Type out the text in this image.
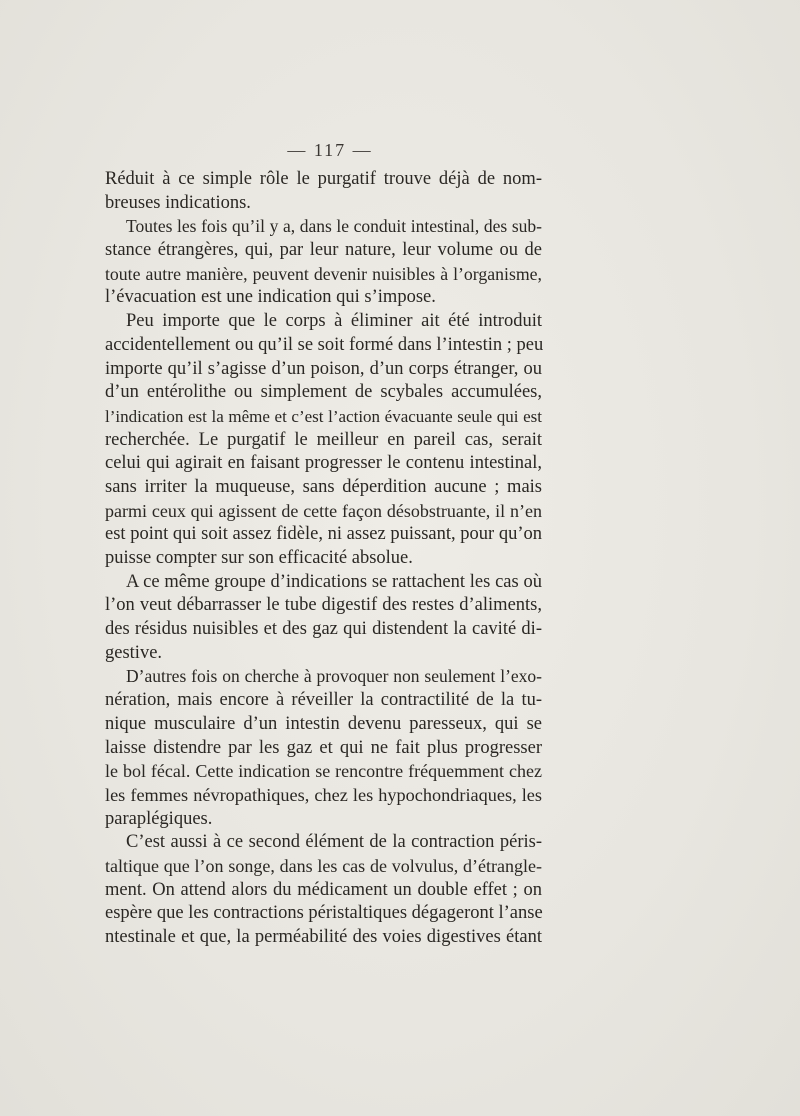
— 117 —
Réduit à ce simple rôle le purgatif trouve déjà de nom-
breuses indications.
Toutes les fois qu’il y a, dans le conduit intestinal, des sub-
stance étrangères, qui, par leur nature, leur volume ou de
toute autre manière, peuvent devenir nuisibles à l’organisme,
l’évacuation est une indication qui s’impose.
Peu importe que le corps à éliminer ait été introduit
accidentellement ou qu’il se soit formé dans l’intestin ; peu
importe qu’il s’agisse d’un poison, d’un corps étranger, ou
d’un entérolithe ou simplement de scybales accumulées,
l’indication est la même et c’est l’action évacuante seule qui est
recherchée. Le purgatif le meilleur en pareil cas, serait
celui qui agirait en faisant progresser le contenu intestinal,
sans irriter la muqueuse, sans déperdition aucune ; mais
parmi ceux qui agissent de cette façon désobstruante, il n’en
est point qui soit assez fidèle, ni assez puissant, pour qu’on
puisse compter sur son efficacité absolue.
A ce même groupe d’indications se rattachent les cas où
l’on veut débarrasser le tube digestif des restes d’aliments,
des résidus nuisibles et des gaz qui distendent la cavité di-
gestive.
D’autres fois on cherche à provoquer non seulement l’exo-
nération, mais encore à réveiller la contractilité de la tu-
nique musculaire d’un intestin devenu paresseux, qui se
laisse distendre par les gaz et qui ne fait plus progresser
le bol fécal. Cette indication se rencontre fréquemment chez
les femmes névropathiques, chez les hypochondriaques, les
paraplégiques.
C’est aussi à ce second élément de la contraction péris-
taltique que l’on songe, dans les cas de volvulus, d’étrangle-
ment. On attend alors du médicament un double effet ; on
espère que les contractions péristaltiques dégageront l’anse
ntestinale et que, la perméabilité des voies digestives étant
